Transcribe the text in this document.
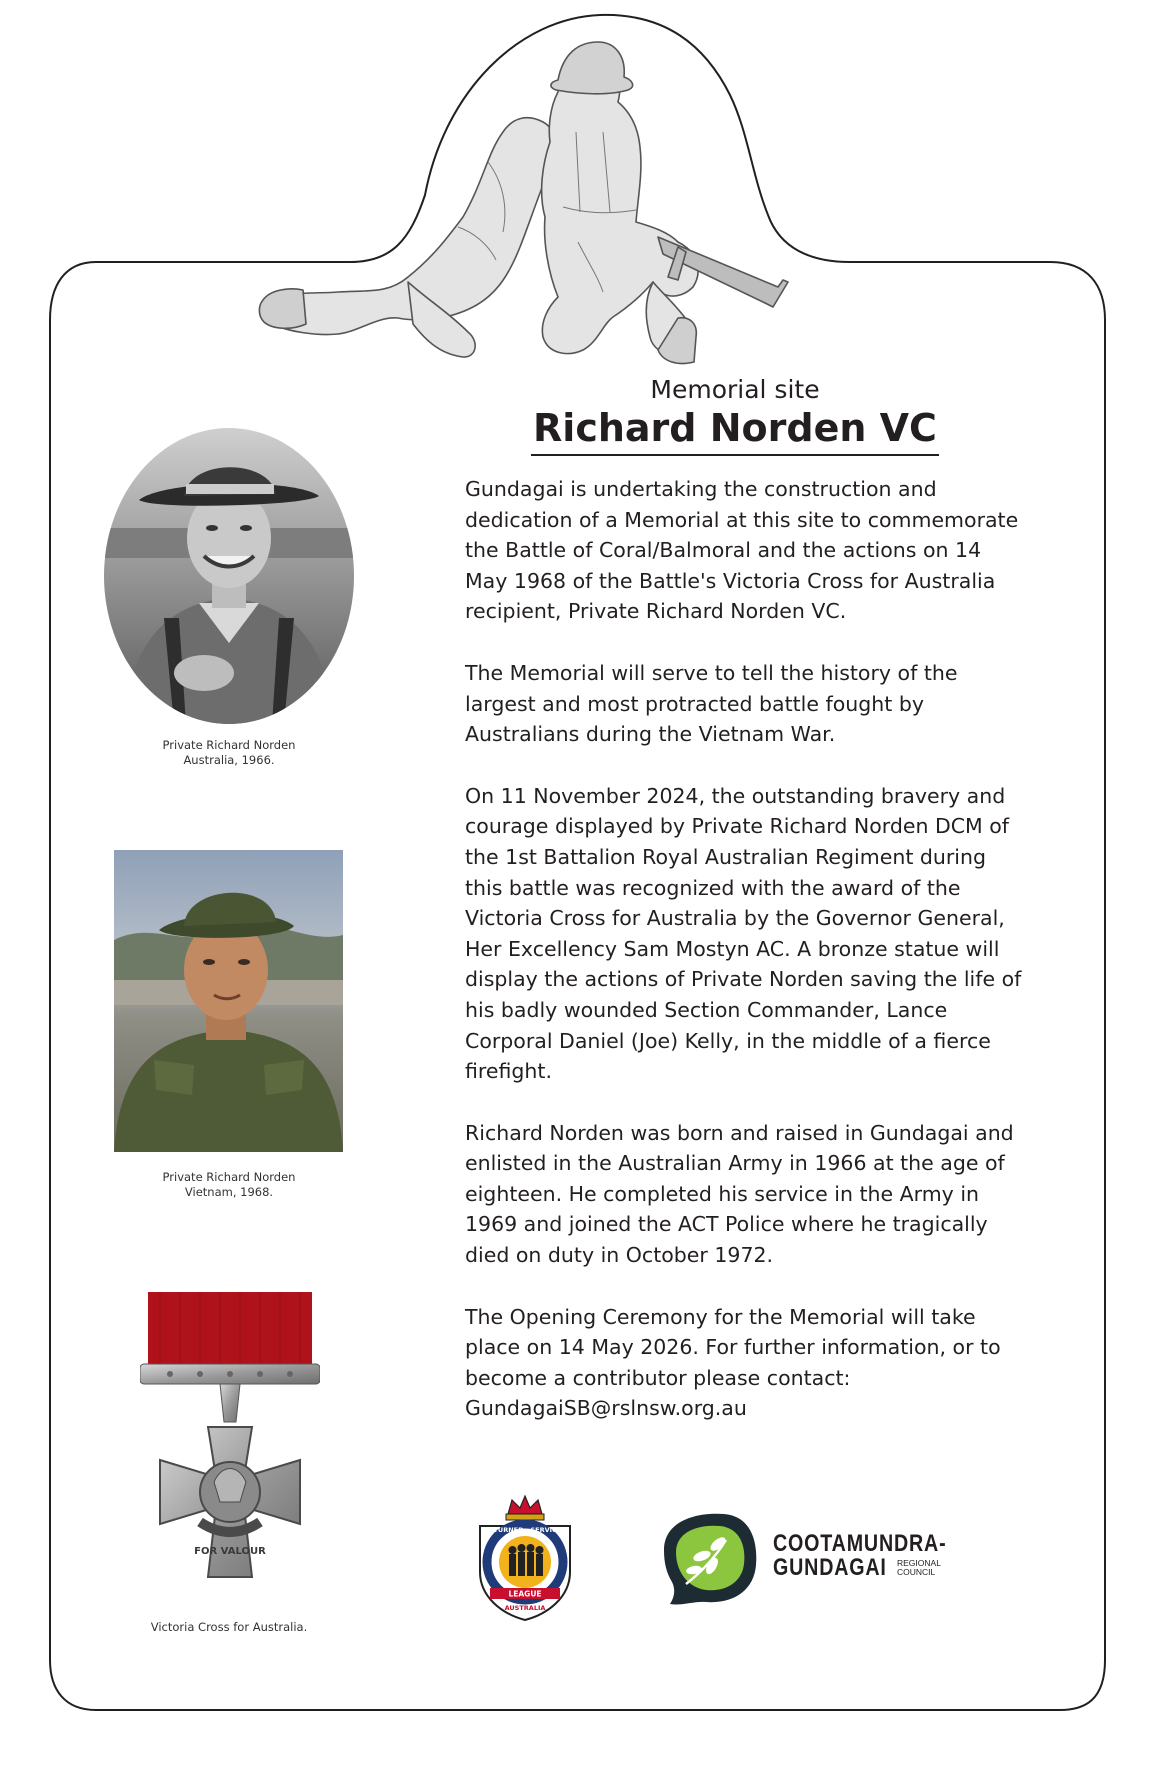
Memorial site
Richard Norden VC

Gundagai is undertaking the construction and dedication of a Memorial at this site to commemorate the Battle of Coral/Balmoral and the actions on 14 May 1968 of the Battle's Victoria Cross for Australia recipient, Private Richard Norden VC.

The Memorial will serve to tell the history of the largest and most protracted battle fought by Australians during the Vietnam War.

On 11 November 2024, the outstanding bravery and courage displayed by Private Richard Norden DCM of the 1st Battalion Royal Australian Regiment during this battle was recognized with the award of the Victoria Cross for Australia by the Governor General, Her Excellency Sam Mostyn AC. A bronze statue will display the actions of Private Norden saving the life of his badly wounded Section Commander, Lance Corporal Daniel (Joe) Kelly, in the middle of a fierce firefight.

Richard Norden was born and raised in Gundagai and enlisted in the Australian Army in 1966 at the age of eighteen. He completed his service in the Army in 1969 and joined the ACT Police where he tragically died on duty in October 1972.

The Opening Ceremony for the Memorial will take place on 14 May 2026. For further information, or to become a contributor please contact: GundagaiSB@rslnsw.org.au

Private Richard Norden
Australia, 1966.
Private Richard Norden
Vietnam, 1968.
FOR VALOUR
Victoria Cross for Australia.
RETURNED · SERVICES
LEAGUE
AUSTRALIA
COOTAMUNDRA-
GUNDAGAI REGIONAL
COUNCIL
